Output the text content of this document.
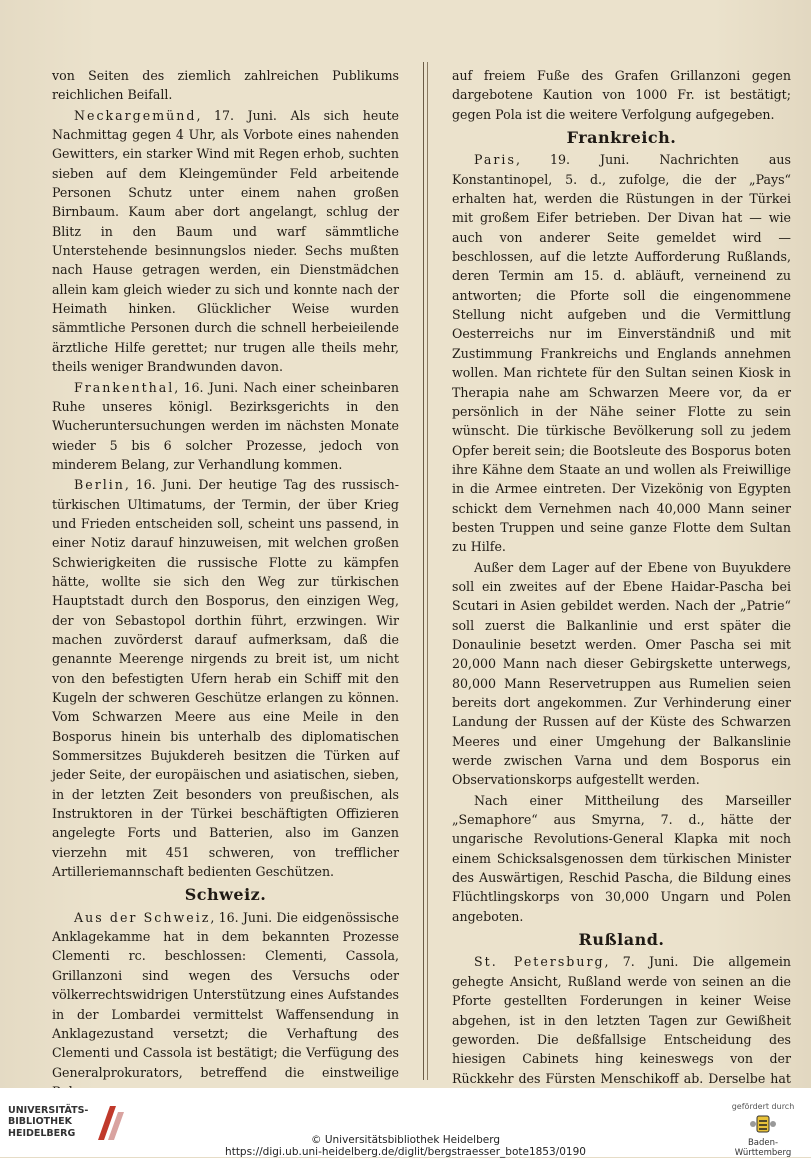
von Seiten des ziemlich zahlreichen Publikums reichlichen Beifall.

Neckargemünd, 17. Juni. Als sich heute Nachmittag gegen 4 Uhr, als Vorbote eines nahenden Gewitters, ein starker Wind mit Regen erhob, suchten sieben auf dem Kleingemünder Feld arbeitende Personen Schutz unter einem nahen großen Birnbaum. Kaum aber dort angelangt, schlug der Blitz in den Baum und warf sämmtliche Unterstehende besinnungslos nieder. Sechs mußten nach Hause getragen werden, ein Dienstmädchen allein kam gleich wieder zu sich und konnte nach der Heimath hinken. Glücklicher Weise wurden sämmtliche Personen durch die schnell herbeieilende ärztliche Hilfe gerettet; nur trugen alle theils mehr, theils weniger Brandwunden davon.

Frankenthal, 16. Juni. Nach einer scheinbaren Ruhe unseres königl. Bezirksgerichts in den Wucheruntersuchungen werden im nächsten Monate wieder 5 bis 6 solcher Prozesse, jedoch von minderem Belang, zur Verhandlung kommen.

Berlin, 16. Juni. Der heutige Tag des russisch-türkischen Ultimatums, der Termin, der über Krieg und Frieden entscheiden soll, scheint uns passend, in einer Notiz darauf hinzuweisen, mit welchen großen Schwierigkeiten die russische Flotte zu kämpfen hätte, wollte sie sich den Weg zur türkischen Hauptstadt durch den Bosporus, den einzigen Weg, der von Sebastopol dorthin führt, erzwingen. Wir machen zuvörderst darauf aufmerksam, daß die genannte Meerenge nirgends zu breit ist, um nicht von den befestigten Ufern herab ein Schiff mit den Kugeln der schweren Geschütze erlangen zu können. Vom Schwarzen Meere aus eine Meile in den Bosporus hinein bis unterhalb des diplomatischen Sommersitzes Bujukdereh besitzen die Türken auf jeder Seite, der europäischen und asiatischen, sieben, in der letzten Zeit besonders von preußischen, als Instruktoren in der Türkei beschäftigten Offizieren angelegte Forts und Batterien, also im Ganzen vierzehn mit 451 schweren, von trefflicher Artilleriemannschaft bedienten Geschützen.

Schweiz.

Aus der Schweiz, 16. Juni. Die eidgenössische Anklagekamme hat in dem bekannten Prozesse Clementi rc. beschlossen: Clementi, Cassola, Grillanzoni sind wegen des Versuchs oder völkerrechtswidrigen Unterstützung eines Aufstandes in der Lombardei vermittelst Waffensendung in Anklagezustand versetzt; die Verhaftung des Clementi und Cassola ist bestätigt; die Verfügung des Generalprokurators, betreffend die einstweilige

auf freiem Fuße des Grafen Grillanzoni gegen dargebotene Kaution von 1000 Fr. ist bestätigt; gegen Pola ist die weitere Verfolgung aufgegeben.

Frankreich.

Paris, 19. Juni. Nachrichten aus Konstantinopel, 5. d., zufolge, die der „Pays“ erhalten hat, werden die Rüstungen in der Türkei mit großem Eifer betrieben. Der Divan hat — wie auch von anderer Seite gemeldet wird — beschlossen, auf die letzte Aufforderung Rußlands, deren Termin am 15. d. abläuft, verneinend zu antworten; die Pforte soll die eingenommene Stellung nicht aufgeben und die Vermittlung Oesterreichs nur im Einverständniß und mit Zustimmung Frankreichs und Englands annehmen wollen. Man richtete für den Sultan seinen Kiosk in Therapia nahe am Schwarzen Meere vor, da er persönlich in der Nähe seiner Flotte zu sein wünscht. Die türkische Bevölkerung soll zu jedem Opfer bereit sein; die Bootsleute des Bosporus boten ihre Kähne dem Staate an und wollen als Freiwillige in die Armee eintreten. Der Vizekönig von Egypten schickt dem Vernehmen nach 40,000 Mann seiner besten Truppen und seine ganze Flotte dem Sultan zu Hilfe.

Außer dem Lager auf der Ebene von Buyukdere soll ein zweites auf der Ebene Haidar-Pascha bei Scutari in Asien gebildet werden. Nach der „Patrie“ soll zuerst die Balkanlinie und erst später die Donaulinie besetzt werden. Omer Pascha sei mit 20,000 Mann nach dieser Gebirgskette unterwegs, 80,000 Mann Reservetruppen aus Rumelien seien bereits dort angekommen. Zur Verhinderung einer Landung der Russen auf der Küste des Schwarzen Meeres und einer Umgehung der Balkanslinie werde zwischen Varna und dem Bosporus ein Observationskorps aufgestellt werden.

Nach einer Mittheilung des Marseiller „Semaphore“ aus Smyrna, 7. d., hätte der ungarische Revolutions-General Klapka mit noch einem Schicksalsgenossen dem türkischen Minister des Auswärtigen, Reschid Pascha, die Bildung eines Flüchtlingskorps von 30,000 Ungarn und Polen angeboten.

Rußland.

St. Petersburg, 7. Juni. Die allgemein gehegte Ansicht, Rußland werde von seinen an die Pforte gestellten Forderungen in keiner Weise abgehen, ist in den letzten Tagen zur Gewißheit geworden. Die deßfallsige Entscheidung des hiesigen Cabinets hing keineswegs von der Rückkehr des Fürsten Menschikoff ab. Derselbe hat

UNIVERSITÄTS-
BIBLIOTHEK
HEIDELBERG
© Universitätsbibliothek Heidelberg
https://digi.ub.uni-heidelberg.de/diglit/bergstraesser_bote1853/0190
gefördert durch
Baden-Württemberg
